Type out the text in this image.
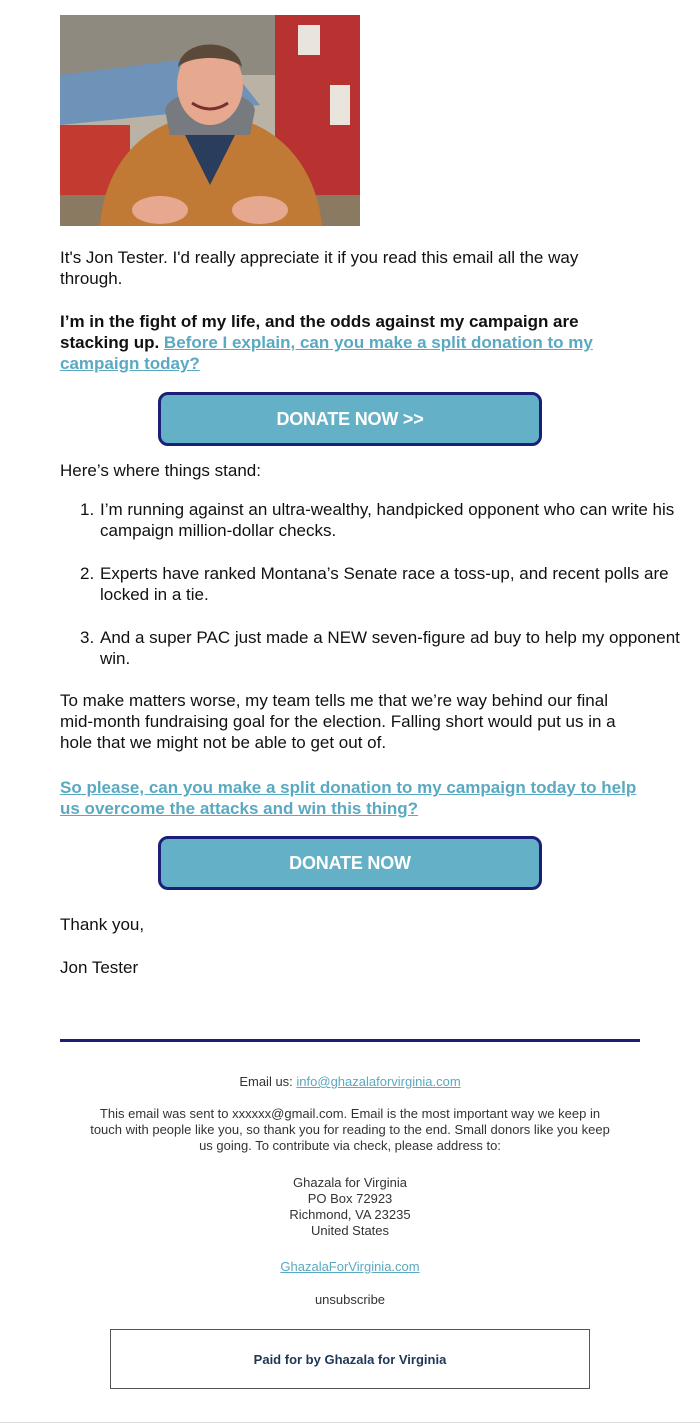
It's Jon Tester. I'd really appreciate it if you read this email all the way through.

I’m in the fight of my life, and the odds against my campaign are stacking up. Before I explain, can you make a split donation to my campaign today?

DONATE NOW >>

Here’s where things stand:

1. I’m running against an ultra-wealthy, handpicked opponent who can write his campaign million-dollar checks.
2. Experts have ranked Montana’s Senate race a toss-up, and recent polls are locked in a tie.
3. And a super PAC just made a NEW seven-figure ad buy to help my opponent win.

To make matters worse, my team tells me that we’re way behind our final mid-month fundraising goal for the election. Falling short would put us in a hole that we might not be able to get out of.

So please, can you make a split donation to my campaign today to help us overcome the attacks and win this thing?

DONATE NOW

Thank you,

Jon Tester

Email us: info@ghazalaforvirginia.com

This email was sent to xxxxxx@gmail.com. Email is the most important way we keep in touch with people like you, so thank you for reading to the end. Small donors like you keep us going. To contribute via check, please address to:

Ghazala for Virginia
PO Box 72923
Richmond, VA 23235
United States

GhazalaForVirginia.com

unsubscribe

Paid for by Ghazala for Virginia
